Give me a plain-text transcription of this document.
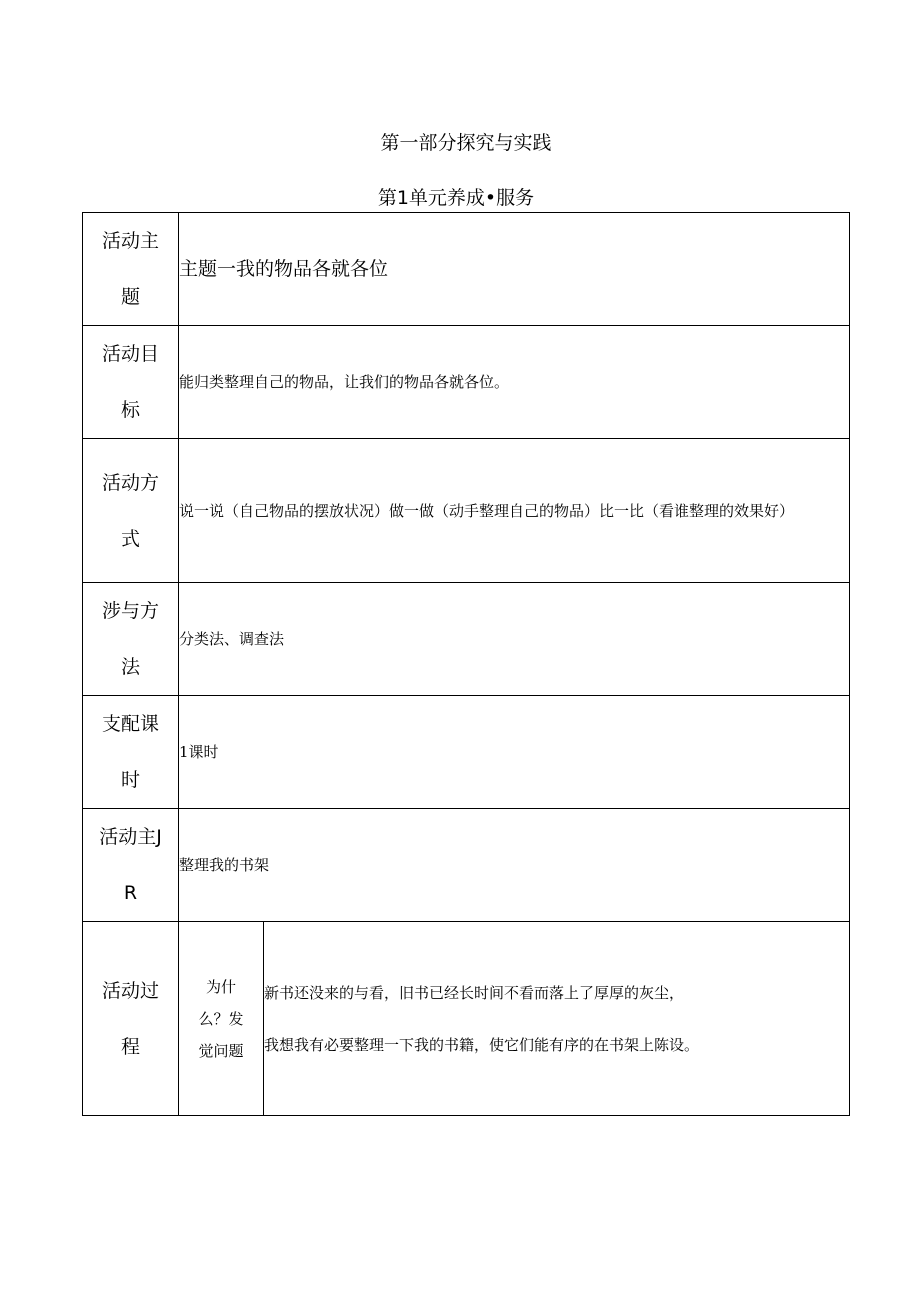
第一部分探究与实践
第1单元养成•服务
活动主题	主题一我的物品各就各位	
活动目标	能归类整理自己的物品，让我们的物品各就各位。	
活动方式	说一说（自己物品的摆放状况）做一做（动手整理自己的物品）比一比（看谁整理的效果好）	
涉与方法	分类法、调查法	
支配课时	1课时	
活动主JR	整理我的书架	
活动过程	为什么？发觉问题	新书还没来的与看，旧书已经长时间不看而落上了厚厚的灰尘，
我想我有必要整理一下我的书籍，使它们能有序的在书架上陈设。
